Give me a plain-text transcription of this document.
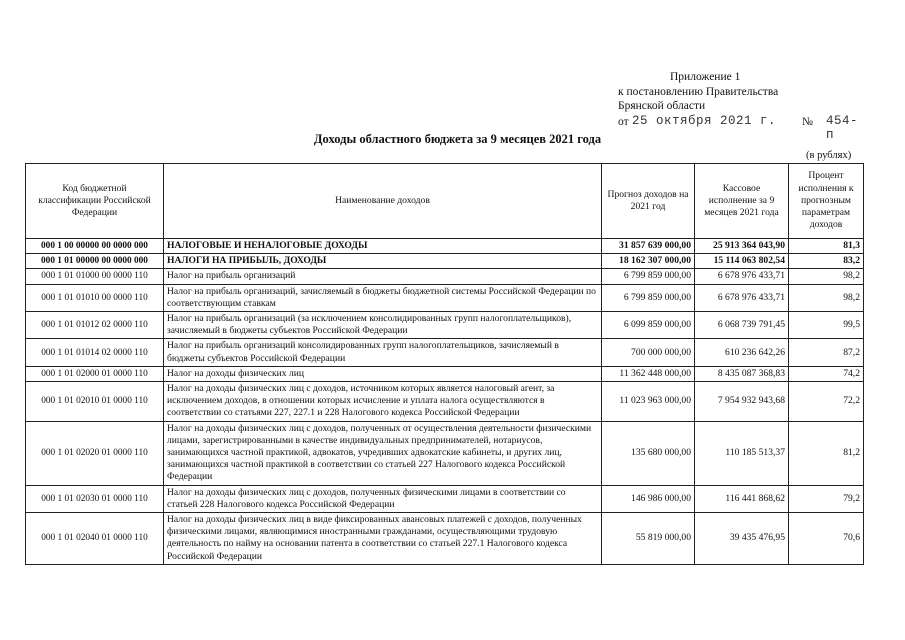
Приложение 1
к постановлению Правительства
Брянской области
от 25 октября 2021 г. № 454-п
Доходы областного бюджета за 9 месяцев 2021 года
(в рублях)
Код бюджетной классификации Российской Федерации	Наименование доходов	Прогноз доходов на 2021 год	Кассовое исполнение за 9 месяцев 2021 года	Процент исполнения к прогнозным параметрам доходов
000 1 00 00000 00 0000 000	НАЛОГОВЫЕ И НЕНАЛОГОВЫЕ ДОХОДЫ	31 857 639 000,00	25 913 364 043,90	81,3
000 1 01 00000 00 0000 000	НАЛОГИ НА ПРИБЫЛЬ, ДОХОДЫ	18 162 307 000,00	15 114 063 802,54	83,2
000 1 01 01000 00 0000 110	Налог на прибыль организаций	6 799 859 000,00	6 678 976 433,71	98,2
000 1 01 01010 00 0000 110	Налог на прибыль организаций, зачисляемый в бюджеты бюджетной системы Российской Федерации по соответствующим ставкам	6 799 859 000,00	6 678 976 433,71	98,2
000 1 01 01012 02 0000 110	Налог на прибыль организаций (за исключением консолидированных групп налогоплательщиков), зачисляемый в бюджеты субъектов Российской Федерации	6 099 859 000,00	6 068 739 791,45	99,5
000 1 01 01014 02 0000 110	Налог на прибыль организаций консолидированных групп налогоплательщиков, зачисляемый в бюджеты субъектов Российской Федерации	700 000 000,00	610 236 642,26	87,2
000 1 01 02000 01 0000 110	Налог на доходы физических лиц	11 362 448 000,00	8 435 087 368,83	74,2
000 1 01 02010 01 0000 110	Налог на доходы физических лиц с доходов, источником которых является налоговый агент, за исключением доходов, в отношении которых исчисление и уплата налога осуществляются в соответствии со статьями 227, 227.1 и 228 Налогового кодекса Российской Федерации	11 023 963 000,00	7 954 932 943,68	72,2
000 1 01 02020 01 0000 110	Налог на доходы физических лиц с доходов, полученных от осуществления деятельности физическими лицами, зарегистрированными в качестве индивидуальных предпринимателей, нотариусов, занимающихся частной практикой, адвокатов, учредивших адвокатские кабинеты, и других лиц, занимающихся частной практикой в соответствии со статьей 227 Налогового кодекса Российской Федерации	135 680 000,00	110 185 513,37	81,2
000 1 01 02030 01 0000 110	Налог на доходы физических лиц с доходов, полученных физическими лицами в соответствии со статьей 228 Налогового кодекса Российской Федерации	146 986 000,00	116 441 868,62	79,2
000 1 01 02040 01 0000 110	Налог на доходы физических лиц в виде фиксированных авансовых платежей с доходов, полученных физическими лицами, являющимися иностранными гражданами, осуществляющими трудовую деятельность по найму на основании патента в соответствии со статьей 227.1 Налогового кодекса Российской Федерации	55 819 000,00	39 435 476,95	70,6
